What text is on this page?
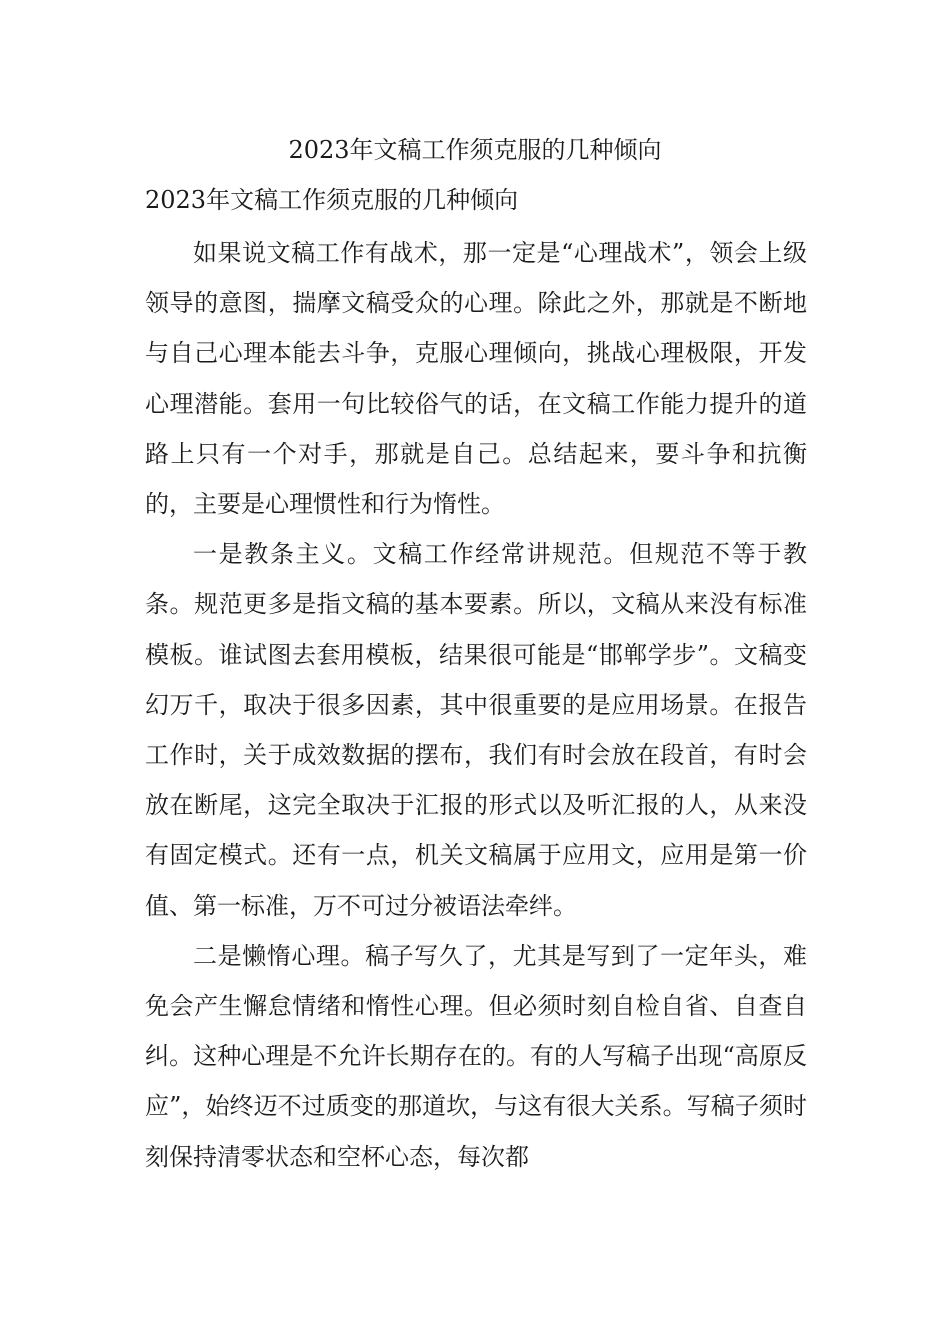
2023年文稿工作须克服的几种倾向
2023年文稿工作须克服的几种倾向

如果说文稿工作有战术，那一定是“心理战术”，领会上级领导的意图，揣摩文稿受众的心理。除此之外，那就是不断地与自己心理本能去斗争，克服心理倾向，挑战心理极限，开发心理潜能。套用一句比较俗气的话，在文稿工作能力提升的道路上只有一个对手，那就是自己。总结起来，要斗争和抗衡的，主要是心理惯性和行为惰性。

一是教条主义。文稿工作经常讲规范。但规范不等于教条。规范更多是指文稿的基本要素。所以，文稿从来没有标准模板。谁试图去套用模板，结果很可能是“邯郸学步”。文稿变幻万千，取决于很多因素，其中很重要的是应用场景。在报告工作时，关于成效数据的摆布，我们有时会放在段首，有时会放在断尾，这完全取决于汇报的形式以及听汇报的人，从来没有固定模式。还有一点，机关文稿属于应用文，应用是第一价值、第一标准，万不可过分被语法牵绊。

二是懒惰心理。稿子写久了，尤其是写到了一定年头，难免会产生懈怠情绪和惰性心理。但必须时刻自检自省、自查自纠。这种心理是不允许长期存在的。有的人写稿子出现“高原反应”，始终迈不过质变的那道坎，与这有很大关系。写稿子须时刻保持清零状态和空杯心态，每次都
